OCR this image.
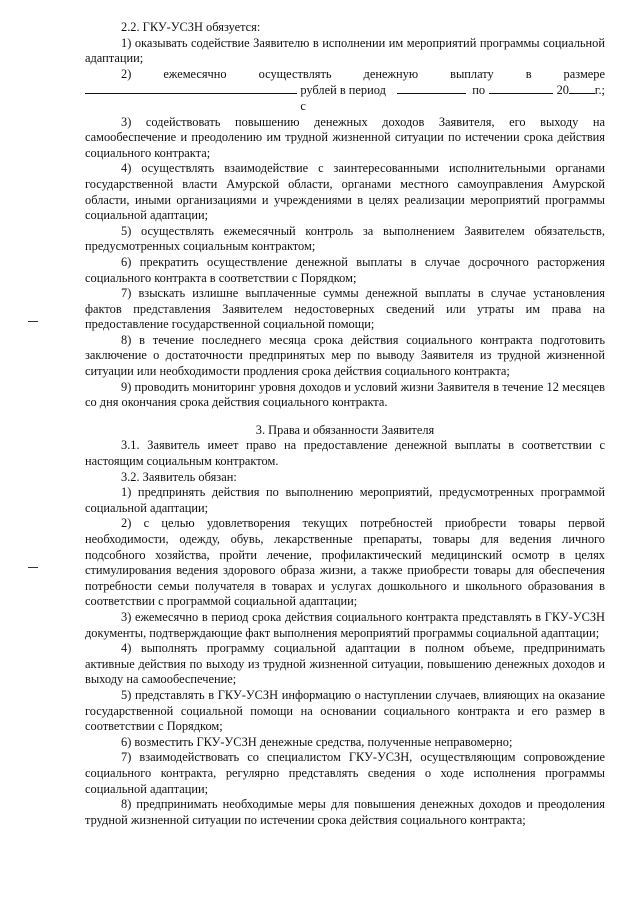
2.2. ГКУ-УСЗН обязуется:

1) оказывать содействие Заявителю в исполнении им мероприятий программы социальной адаптации;

2)	ежемесячно	осуществлять	денежную	выплату	в	размере
рублей в период с
по	20 г.;

3) содействовать повышению денежных доходов Заявителя, его выходу на самообеспечение и преодолению им трудной жизненной ситуации по истечении срока действия социального контракта;

4) осуществлять взаимодействие с заинтересованными исполнительными органами государственной власти Амурской области, органами местного самоуправления Амурской области, иными организациями и учреждениями в целях реализации мероприятий программы социальной адаптации;

5) осуществлять ежемесячный контроль за выполнением Заявителем обязательств, предусмотренных социальным контрактом;

6) прекратить осуществление денежной выплаты в случае досрочного расторжения социального контракта в соответствии с Порядком;

7) взыскать излишне выплаченные суммы денежной выплаты в случае установления фактов представления Заявителем недостоверных сведений или утраты им права на предоставление государственной социальной помощи;

8) в течение последнего месяца срока действия социального контракта подготовить заключение о достаточности предпринятых мер по выводу Заявителя из трудной жизненной ситуации или необходимости продления срока действия социального контракта;

9) проводить мониторинг уровня доходов и условий жизни Заявителя в течение 12 месяцев со дня окончания срока действия социального контракта.

3. Права и обязанности Заявителя

3.1. Заявитель имеет право на предоставление денежной выплаты в соответствии с настоящим социальным контрактом.

3.2. Заявитель обязан:

1) предпринять действия по выполнению мероприятий, предусмотренных программой социальной адаптации;

2) с целью удовлетворения текущих потребностей приобрести товары первой необходимости, одежду, обувь, лекарственные препараты, товары для ведения личного подсобного хозяйства, пройти лечение, профилактический медицинский осмотр в целях стимулирования ведения здорового образа жизни, а также приобрести товары для обеспечения потребности семьи получателя в товарах и услугах дошкольного и школьного образования в соответствии с программой социальной адаптации;

3) ежемесячно в период срока действия социального контракта представлять в ГКУ-УСЗН документы, подтверждающие факт выполнения мероприятий программы социальной адаптации;

4) выполнять программу социальной адаптации в полном объеме, предпринимать активные действия по выходу из трудной жизненной ситуации, повышению денежных доходов и выходу на самообеспечение;

5) представлять в ГКУ-УСЗН информацию о наступлении случаев, влияющих на оказание государственной социальной помощи на основании социального контракта и его размер в соответствии с Порядком;

6) возместить ГКУ-УСЗН денежные средства, полученные неправомерно;

7) взаимодействовать со специалистом ГКУ-УСЗН, осуществляющим сопровождение социального контракта, регулярно представлять сведения о ходе исполнения программы социальной адаптации;

8) предпринимать необходимые меры для повышения денежных доходов и преодоления трудной жизненной ситуации по истечении срока действия социального контракта;
